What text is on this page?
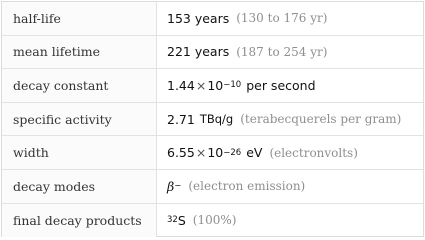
half-life	153 years (130 to 176 yr)
mean lifetime	221 years (187 to 254 yr)
decay constant	1.44 × 10 −10 per second
specific activity	2.71 TBq/g (terabecquerels per gram)
width	6.55 × 10 −26 eV (electronvolts)
decay modes	β − (electron emission)
final decay products	32 S (100%)
